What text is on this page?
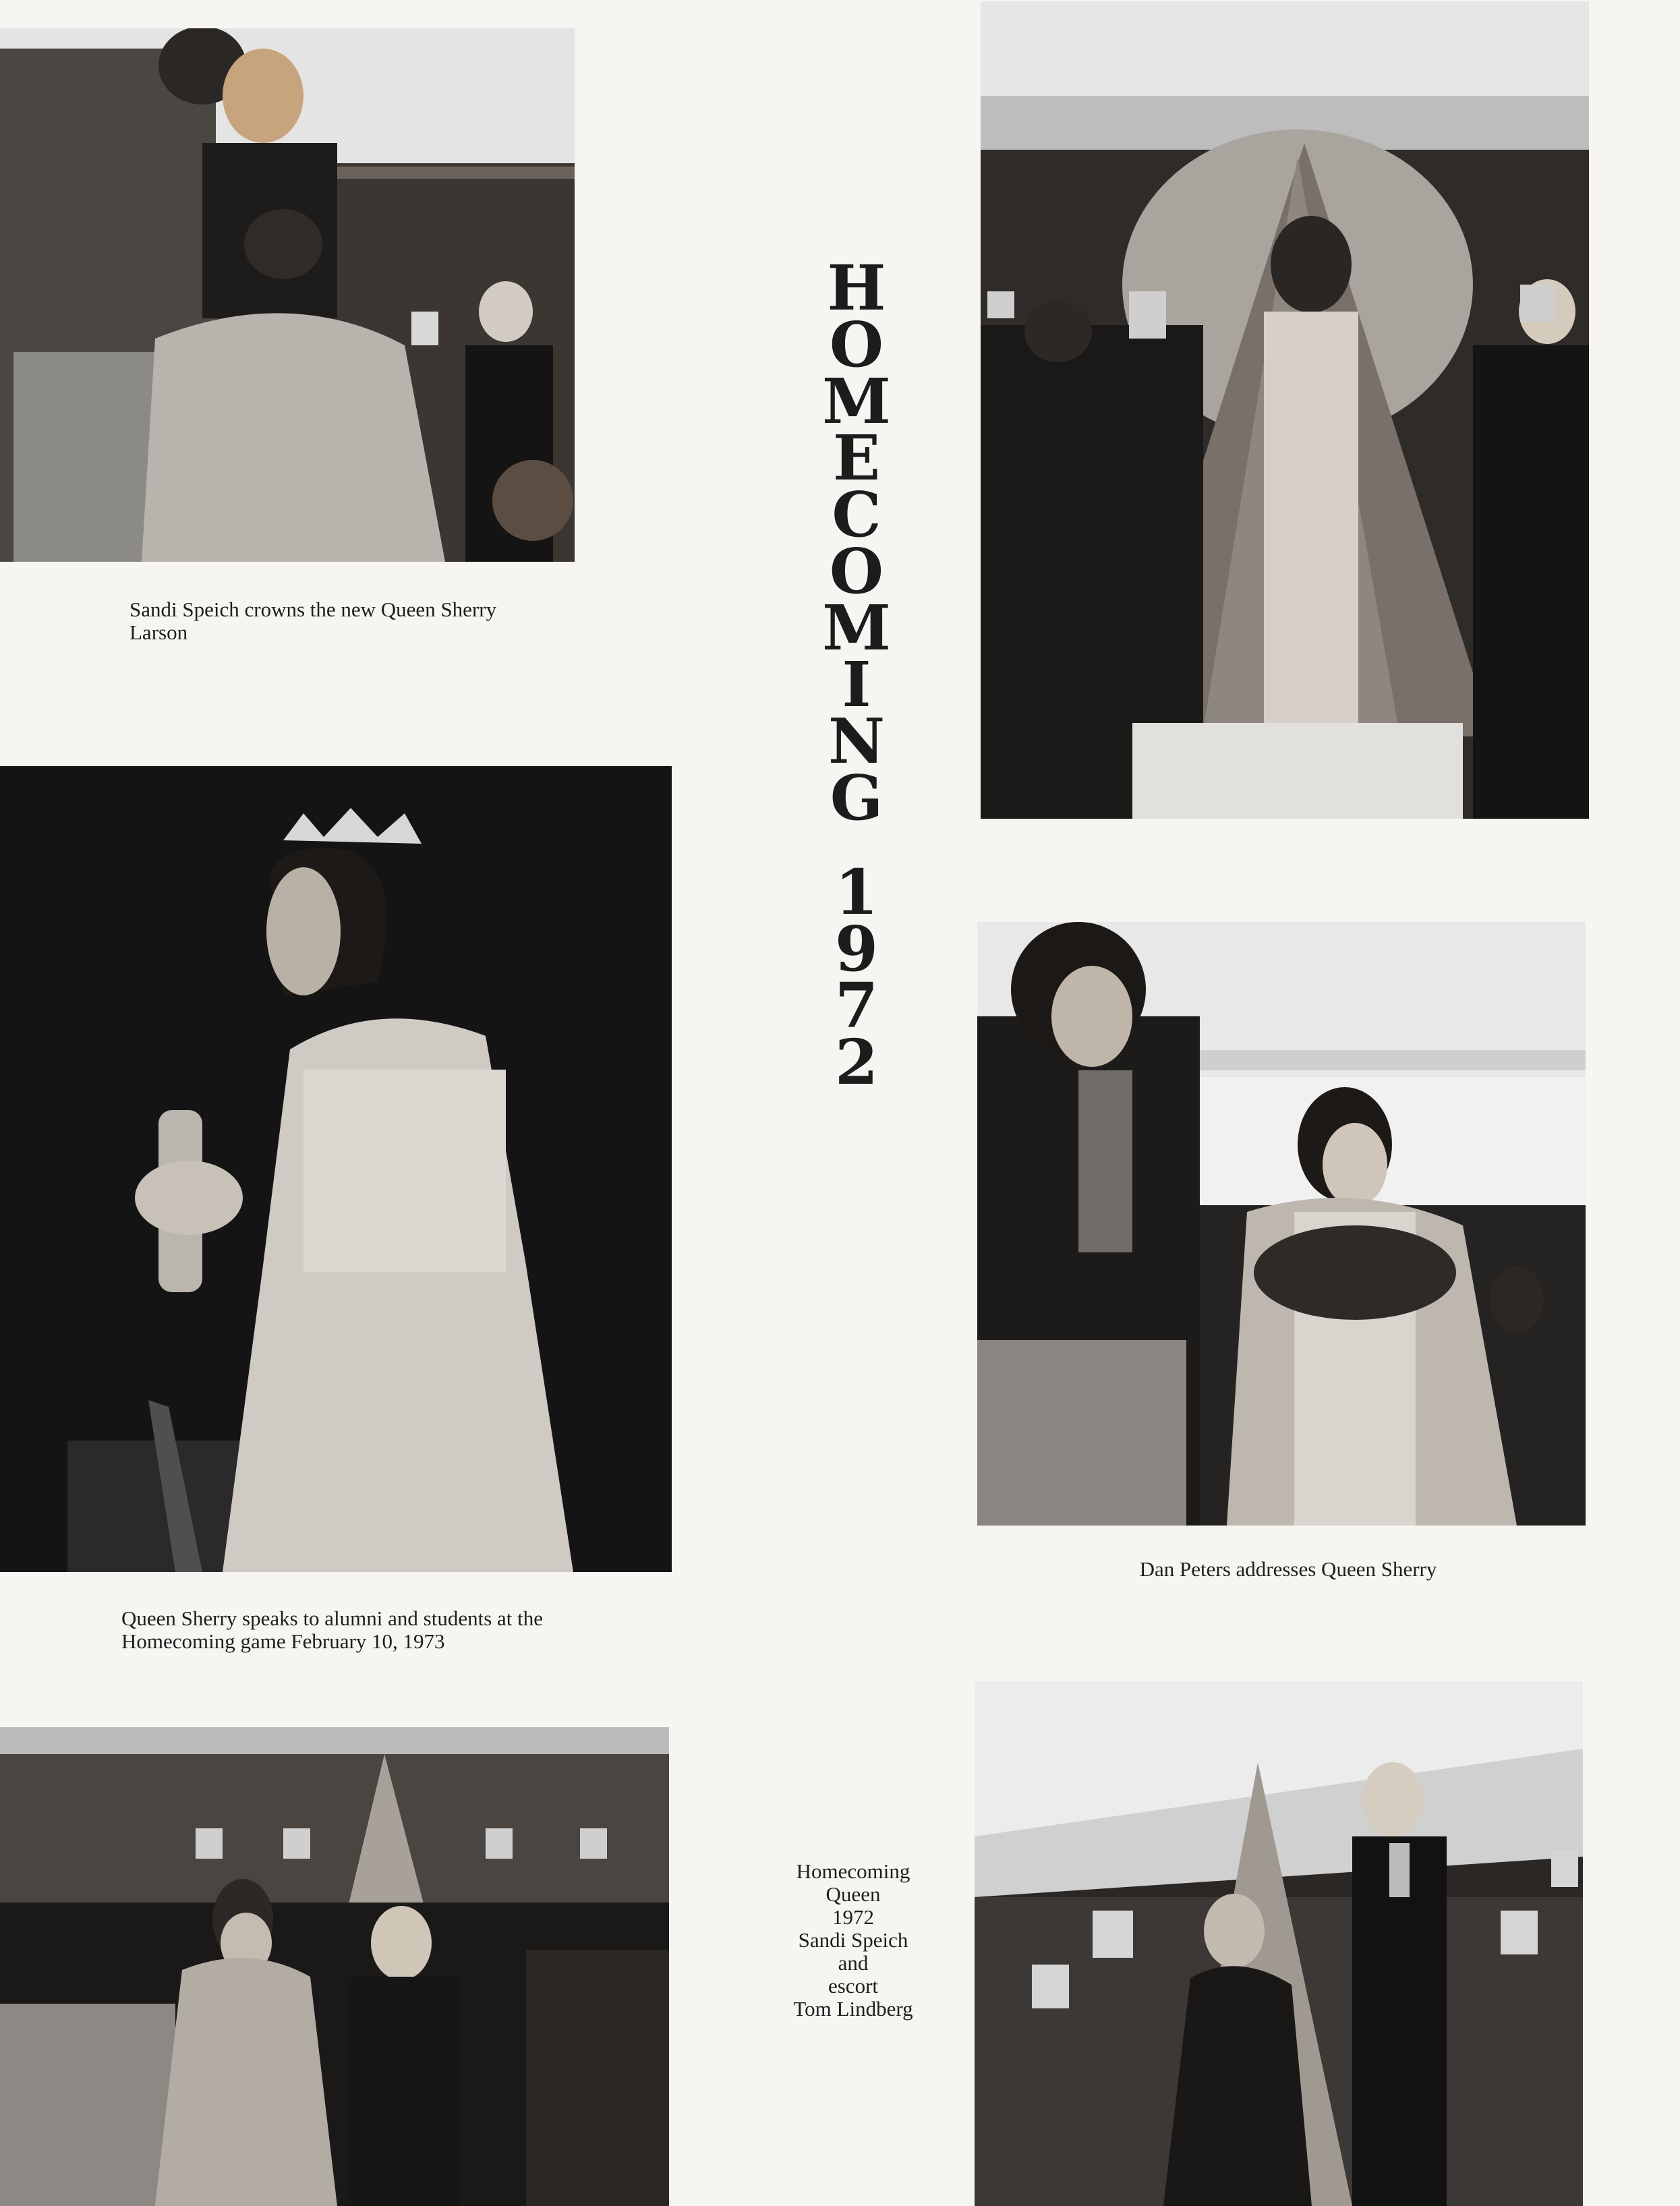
Sandi Speich crowns the new Queen Sherry
Larson

H
O
M
E
C
O
M
I
N
G
1
9
7
2

Queen Sherry speaks to alumni and students at the
Homecoming game February 10, 1973

Dan Peters addresses Queen Sherry

Homecoming
Queen
1972
Sandi Speich
and
escort
Tom Lindberg
